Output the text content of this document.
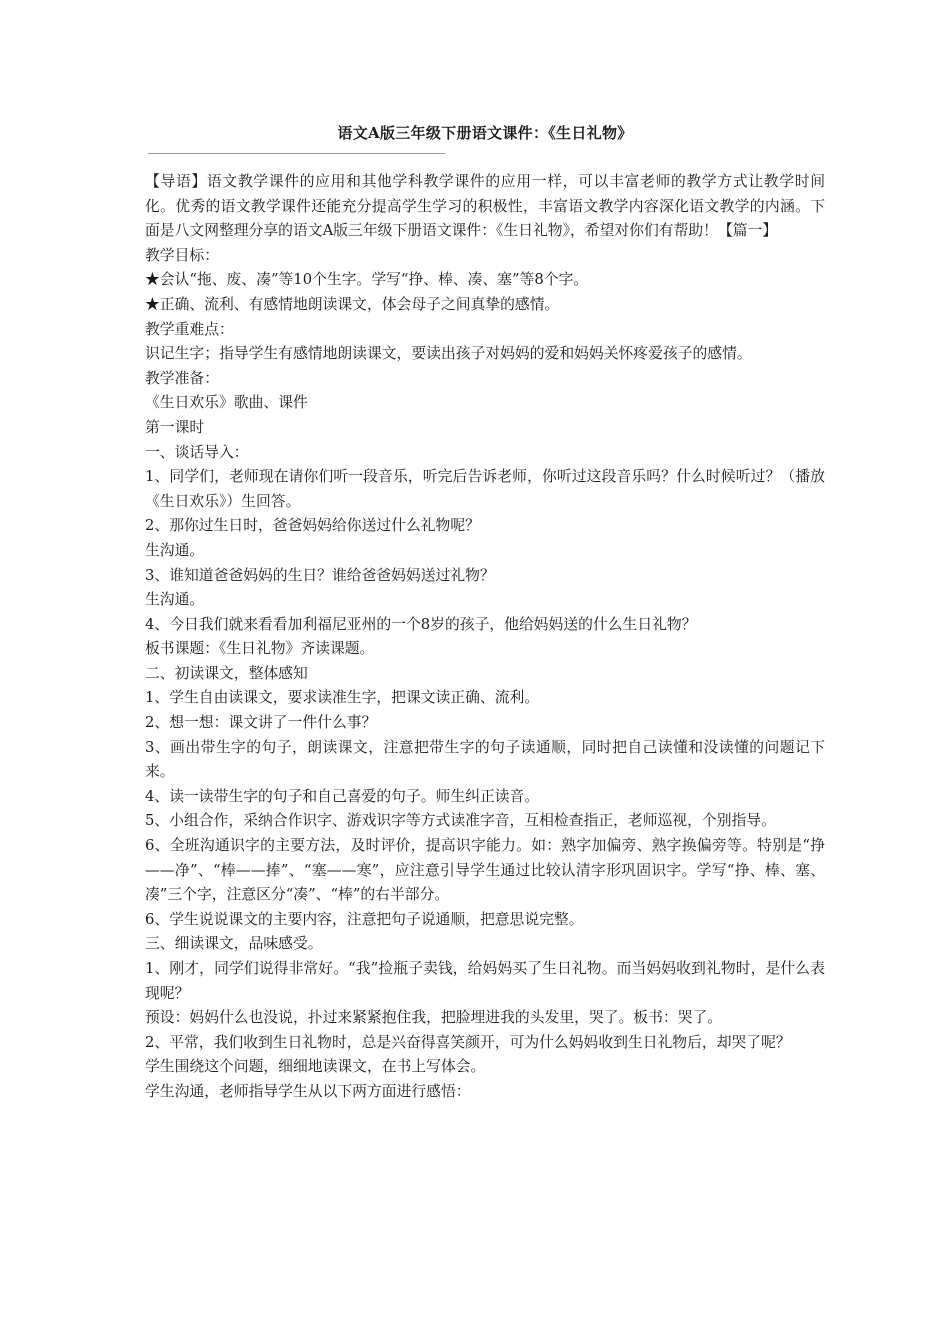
语文A版三年级下册语文课件：《生日礼物》
——————————————————————————————————————

【导语】语文教学课件的应用和其他学科教学课件的应用一样，可以丰富老师的教学方式让教学时间化。优秀的语文教学课件还能充分提高学生学习的积极性，丰富语文教学内容深化语文教学的内涵。下面是八文网整理分享的语文A版三年级下册语文课件：《生日礼物》，希望对你们有帮助！【篇一】

教学目标：

★会认“拖、废、凑”等10个生字。学写“挣、棒、凑、塞”等8个字。

★正确、流利、有感情地朗读课文，体会母子之间真挚的感情。

教学重难点：

识记生字；指导学生有感情地朗读课文，要读出孩子对妈妈的爱和妈妈关怀疼爱孩子的感情。

教学准备：

《生日欢乐》歌曲、课件

第一课时

一、谈话导入：

1、同学们，老师现在请你们听一段音乐，听完后告诉老师，你听过这段音乐吗？什么时候听过？（播放《生日欢乐》）生回答。

2、那你过生日时，爸爸妈妈给你送过什么礼物呢？

生沟通。

3、谁知道爸爸妈妈的生日？谁给爸爸妈妈送过礼物？

生沟通。

4、今日我们就来看看加利福尼亚州的一个8岁的孩子，他给妈妈送的什么生日礼物？

板书课题：《生日礼物》齐读课题。

二、初读课文，整体感知

1、学生自由读课文，要求读准生字，把课文读正确、流利。

2、想一想：课文讲了一件什么事？

3、画出带生字的句子，朗读课文，注意把带生字的句子读通顺，同时把自己读懂和没读懂的问题记下来。

4、读一读带生字的句子和自己喜爱的句子。师生纠正读音。

5、小组合作，采纳合作识字、游戏识字等方式读准字音，互相检查指正，老师巡视，个别指导。

6、全班沟通识字的主要方法，及时评价，提高识字能力。如：熟字加偏旁、熟字换偏旁等。特别是“挣——净”、“棒——捧”、“塞——寒”，应注意引导学生通过比较认清字形巩固识字。学写“挣、棒、塞、凑”三个字，注意区分“凑”、“棒”的右半部分。

6、学生说说课文的主要内容，注意把句子说通顺，把意思说完整。

三、细读课文，品味感受。

1、刚才，同学们说得非常好。“我”捡瓶子卖钱，给妈妈买了生日礼物。而当妈妈收到礼物时，是什么表现呢？

预设：妈妈什么也没说，扑过来紧紧抱住我，把脸埋进我的头发里，哭了。板书：哭了。

2、平常，我们收到生日礼物时，总是兴奋得喜笑颜开，可为什么妈妈收到生日礼物后，却哭了呢？

学生围绕这个问题，细细地读课文，在书上写体会。

学生沟通，老师指导学生从以下两方面进行感悟：
